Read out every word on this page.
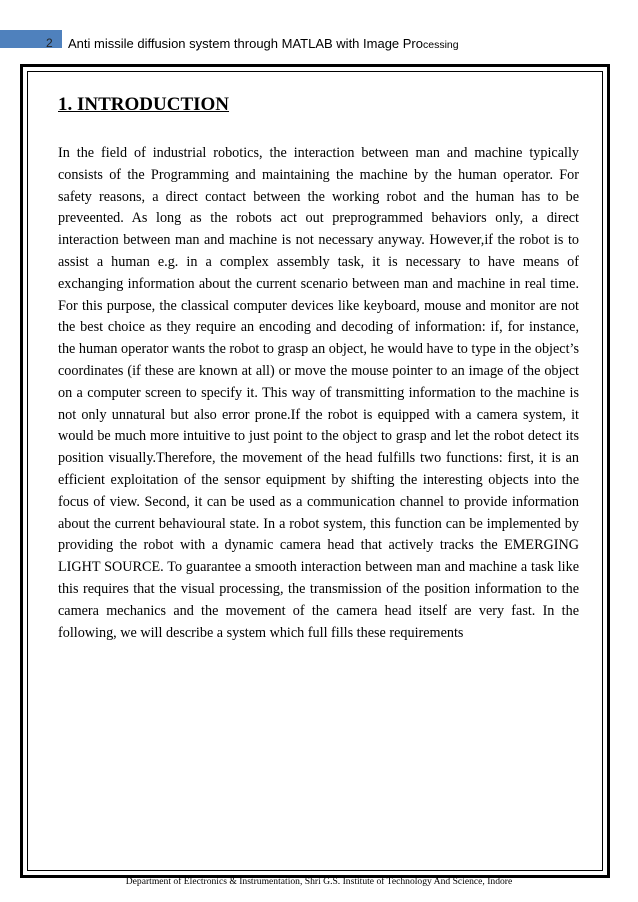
2 Anti missile diffusion system through MATLAB with Image Processing
1. INTRODUCTION
In the field of industrial robotics, the interaction between man and machine typically consists of the Programming and maintaining the machine by the human operator. For safety reasons, a direct contact between the working robot and the human has to be preveented. As long as the robots act out preprogrammed behaviors only, a direct interaction between man and machine is not necessary anyway. However,if the robot is to assist a human e.g. in a complex assembly task, it is necessary to have means of exchanging information about the current scenario between man and machine in real time. For this purpose, the classical computer devices like keyboard, mouse and monitor are not the best choice as they require an encoding and decoding of information: if, for instance, the human operator wants the robot to grasp an object, he would have to type in the object’s coordinates (if these are known at all) or move the mouse pointer to an image of the object on a computer screen to specify it. This way of transmitting information to the machine is not only unnatural but also error prone.If the robot is equipped with a camera system, it would be much more intuitive to just point to the object to grasp and let the robot detect its position visually.Therefore, the movement of the head fulfills two functions: first, it is an efficient exploitation of the sensor equipment by shifting the interesting objects into the focus of view. Second, it can be used as a communication channel to provide information about the current behavioural state. In a robot system, this function can be implemented by providing the robot with a dynamic camera head that actively tracks the EMERGING LIGHT SOURCE. To guarantee a smooth interaction between man and machine a task like this requires that the visual processing, the transmission of the position information to the camera mechanics and the movement of the camera head itself are very fast. In the following, we will describe a system which full fills these requirements
Department of Electronics & Instrumentation, Shri G.S. Institute of Technology And Science, Indore
